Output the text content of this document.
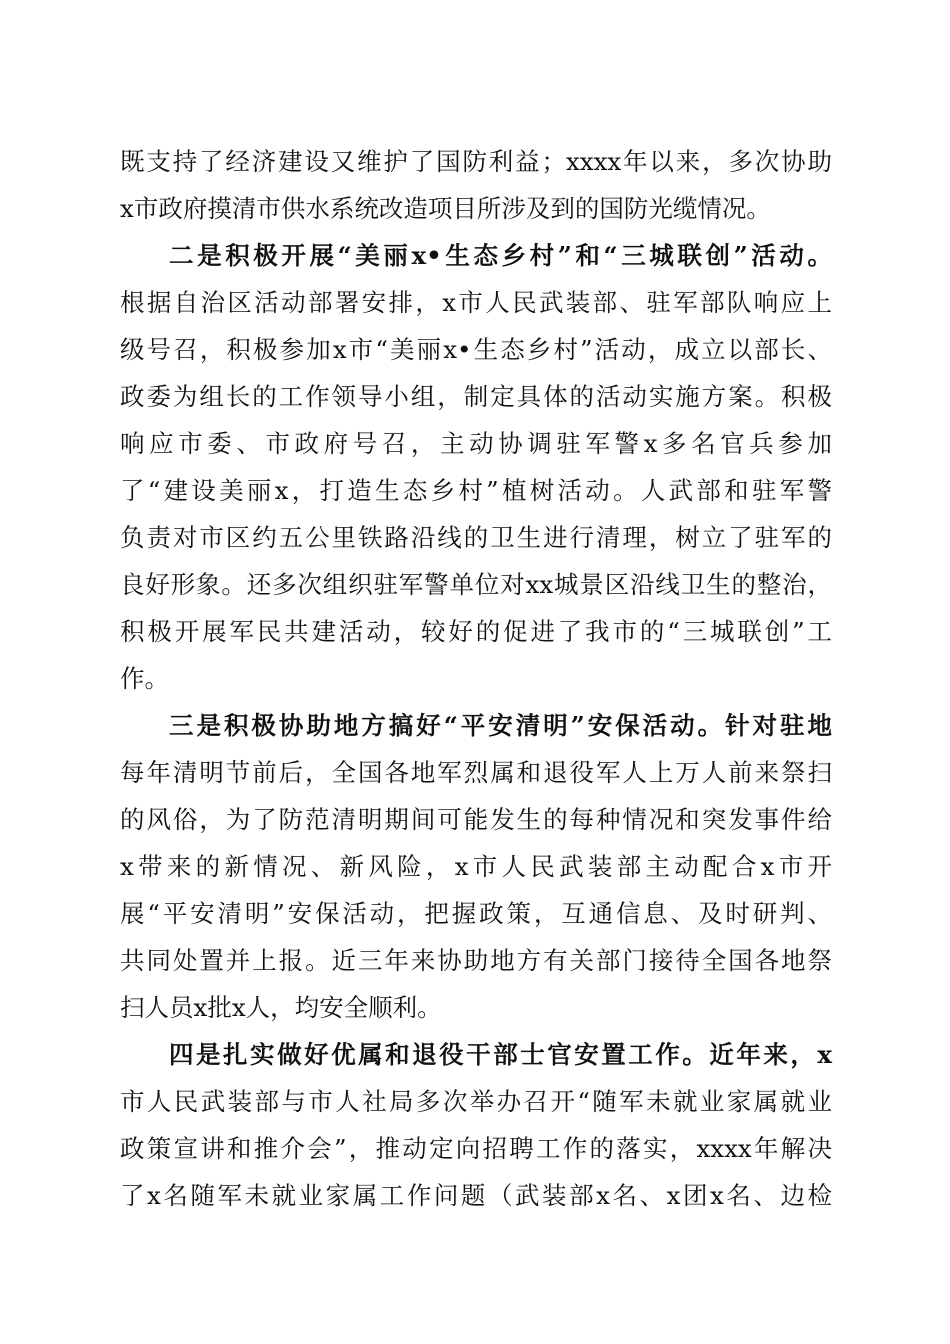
既支持了经济建设又维护了国防利益；xxxx年以来，多次协助
x市政府摸清市供水系统改造项目所涉及到的国防光缆情况。
二是积极开展“美丽x•生态乡村”和“三城联创”活动。
根据自治区活动部署安排，x市人民武装部、驻军部队响应上
级号召，积极参加x市“美丽x•生态乡村”活动，成立以部长、
政委为组长的工作领导小组，制定具体的活动实施方案。积极
响应市委、市政府号召，主动协调驻军警x多名官兵参加
了“建设美丽x，打造生态乡村”植树活动。人武部和驻军警
负责对市区约五公里铁路沿线的卫生进行清理，树立了驻军的
良好形象。还多次组织驻军警单位对xx城景区沿线卫生的整治，
积极开展军民共建活动，较好的促进了我市的“三城联创”工
作。
三是积极协助地方搞好“平安清明”安保活动。针对驻地
每年清明节前后，全国各地军烈属和退役军人上万人前来祭扫
的风俗，为了防范清明期间可能发生的每种情况和突发事件给
x带来的新情况、新风险，x市人民武装部主动配合x市开
展“平安清明”安保活动，把握政策，互通信息、及时研判、
共同处置并上报。近三年来协助地方有关部门接待全国各地祭
扫人员x批x人，均安全顺利。
四是扎实做好优属和退役干部士官安置工作。近年来，x
市人民武装部与市人社局多次举办召开“随军未就业家属就业
政策宣讲和推介会”，推动定向招聘工作的落实，xxxx年解决
了x名随军未就业家属工作问题（武装部x名、x团x名、边检
